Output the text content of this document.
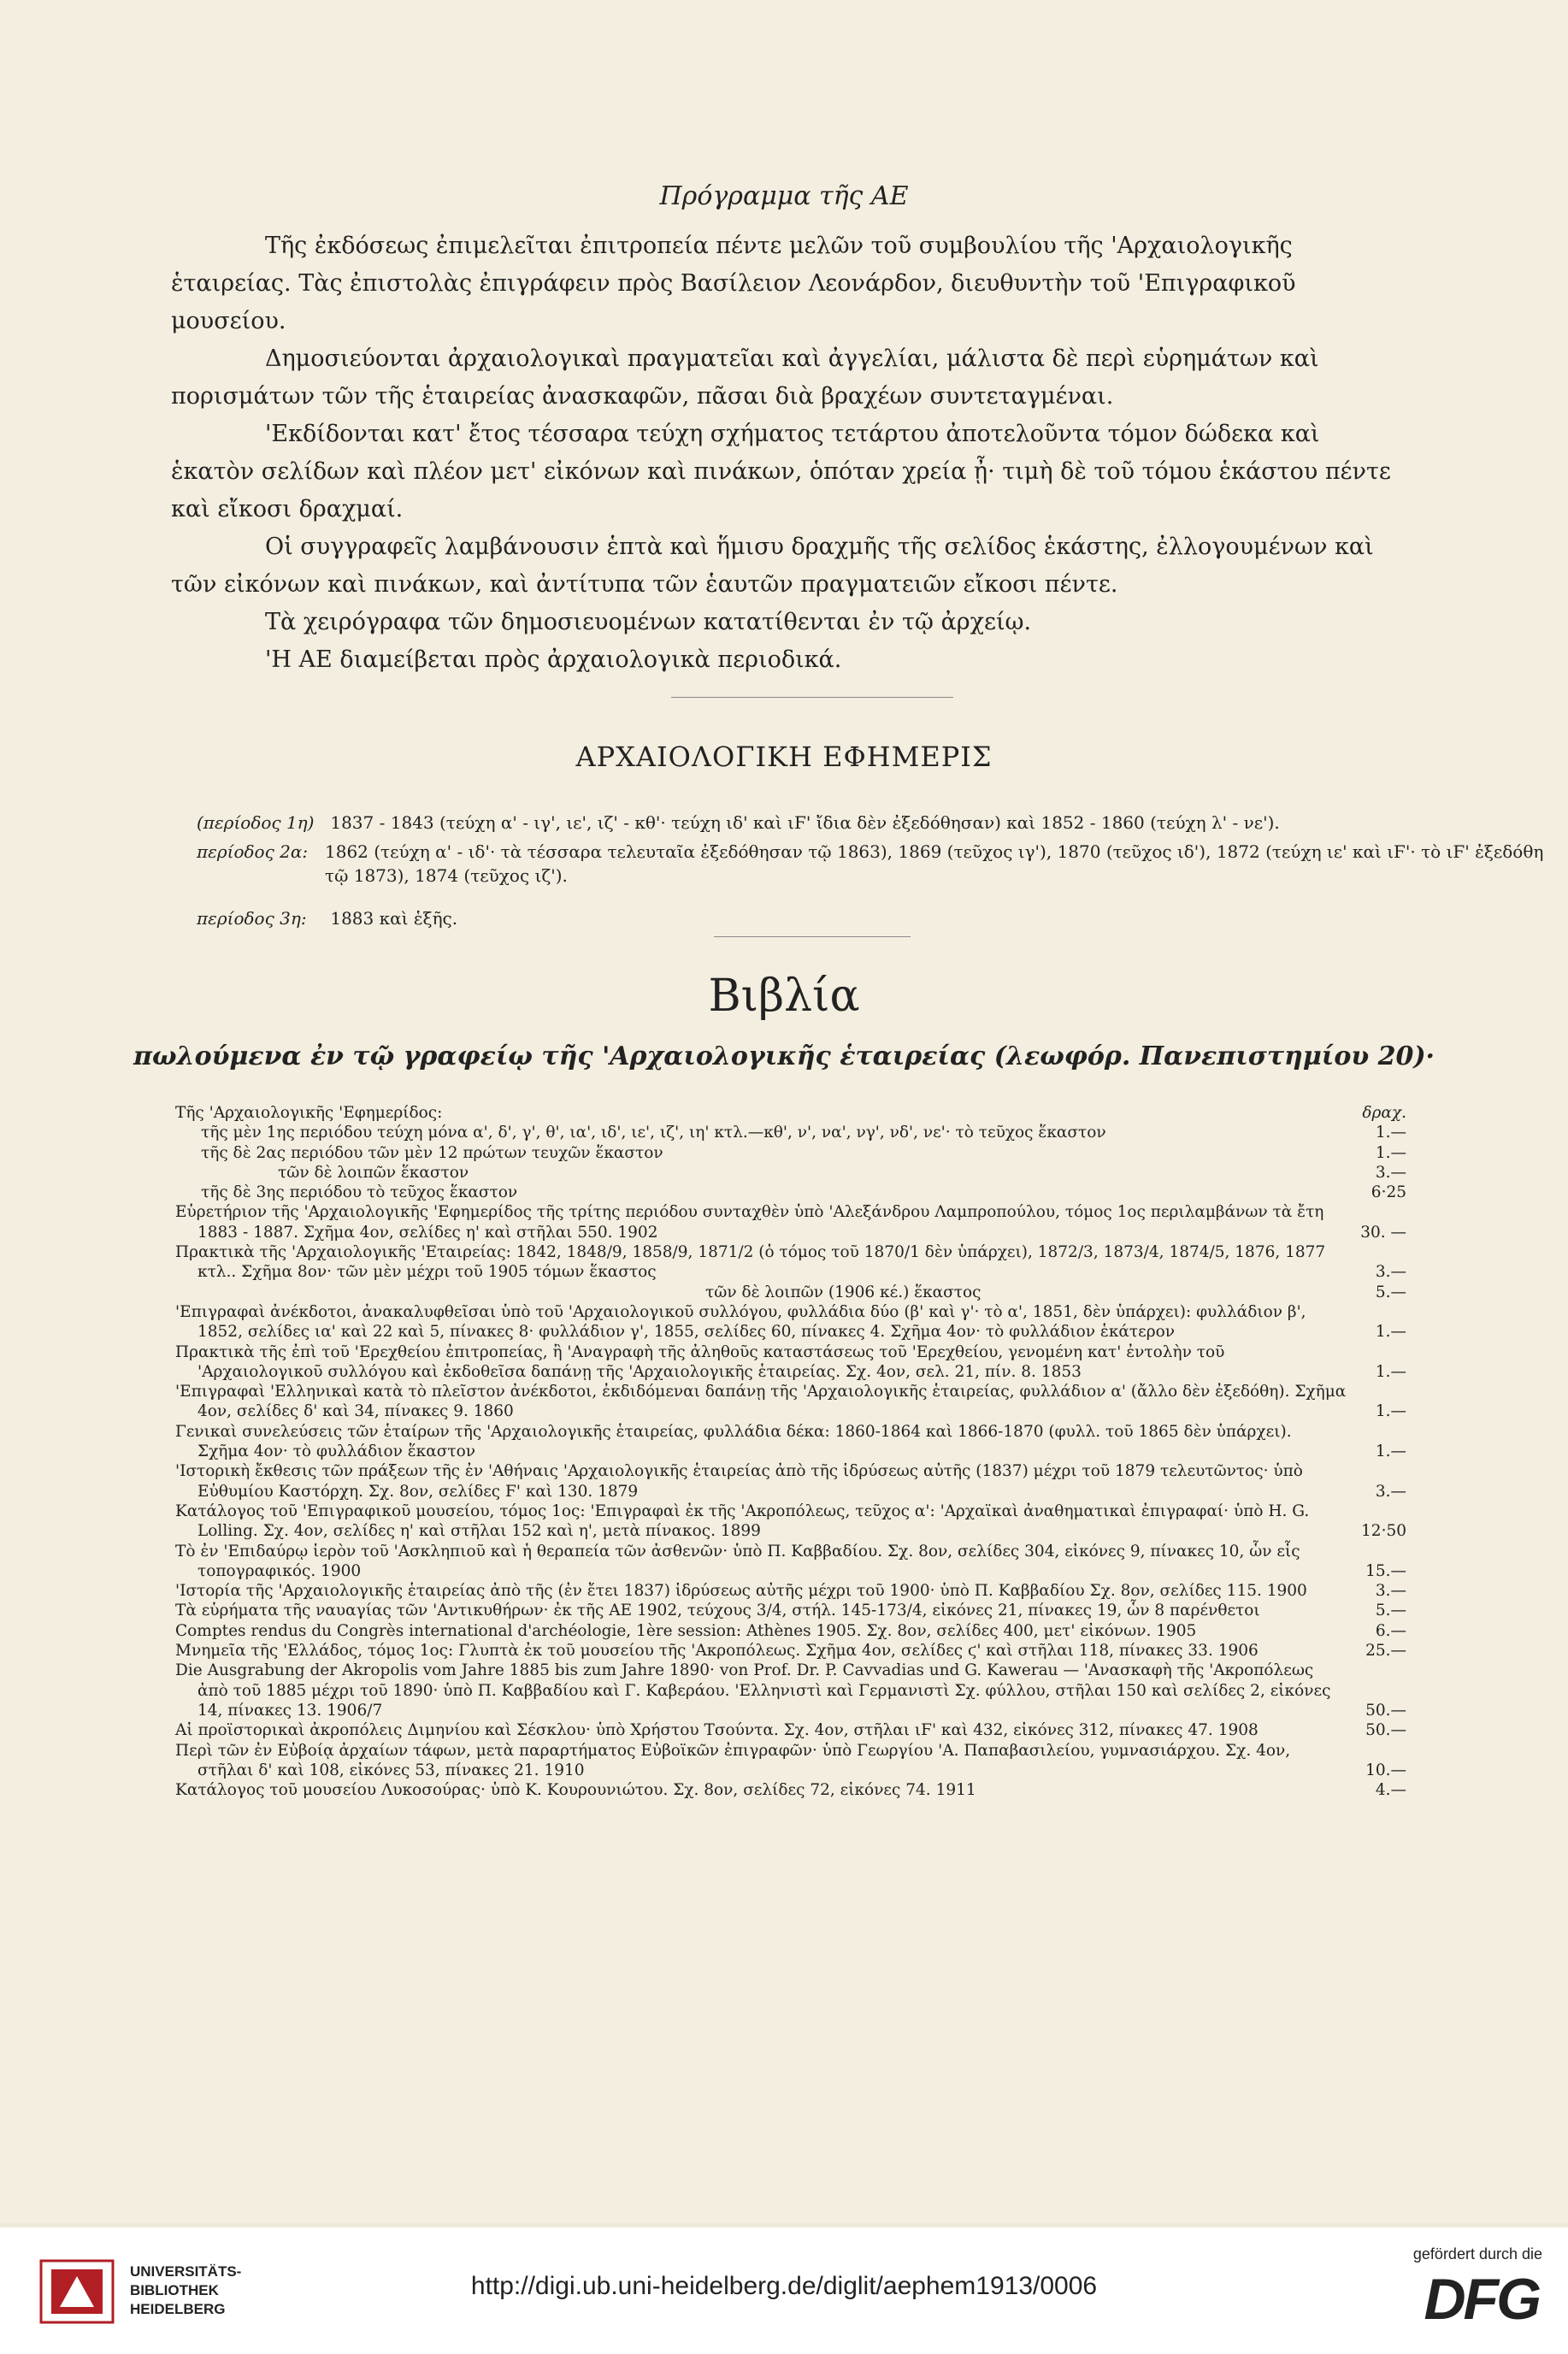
Πρόγραμμα τῆς ΑΕ

Τῆς ἐκδόσεως ἐπιμελεῖται ἐπιτροπεία πέντε μελῶν τοῦ συμβουλίου τῆς 'Αρχαιολογικῆς ἑταιρείας. Τὰς ἐπιστολὰς ἐπιγράφειν πρὸς Βασίλειον Λεονάρδον, διευθυντὴν τοῦ 'Επιγραφικοῦ μουσείου.

Δημοσιεύονται ἀρχαιολογικαὶ πραγματεῖαι καὶ ἀγγελίαι, μάλιστα δὲ περὶ εὑρημάτων καὶ πορισμάτων τῶν τῆς ἑταιρείας ἀνασκαφῶν, πᾶσαι διὰ βραχέων συντεταγμέναι.

'Εκδίδονται κατ' ἔτος τέσσαρα τεύχη σχήματος τετάρτου ἀποτελοῦντα τόμον δώδεκα καὶ ἑκατὸν σελίδων καὶ πλέον μετ' εἰκόνων καὶ πινάκων, ὁπόταν χρεία ᾖ· τιμὴ δὲ τοῦ τόμου ἑκάστου πέντε καὶ εἴκοσι δραχμαί.

Οἱ συγγραφεῖς λαμβάνουσιν ἑπτὰ καὶ ἥμισυ δραχμῆς τῆς σελίδος ἑκάστης, ἐλλογουμένων καὶ τῶν εἰκόνων καὶ πινάκων, καὶ ἀντίτυπα τῶν ἑαυτῶν πραγματειῶν εἴκοσι πέντε.

Τὰ χειρόγραφα τῶν δημοσιευομένων κατατίθενται ἐν τῷ ἀρχείῳ.

'Η ΑΕ διαμείβεται πρὸς ἀρχαιολογικὰ περιοδικά.

ΑΡΧΑΙΟΛΟΓΙΚΗ ΕΦΗΜΕΡΙΣ
(περίοδος 1η) 1837 - 1843 (τεύχη α' - ιγ', ιε', ιζ' - κθ'· τεύχη ιδ' καὶ ιϜ' ἴδια δὲν ἐξεδόθησαν) καὶ 1852 - 1860 (τεύχη λ' - νε').
περίοδος 2α: 1862 (τεύχη α' - ιδ'· τὰ τέσσαρα τελευταῖα ἐξεδόθησαν τῷ 1863), 1869 (τεῦχος ιγ'), 1870 (τεῦχος ιδ'), 1872 (τεύχη ιε' καὶ ιϜ'· τὸ ιϜ' ἐξεδόθη τῷ 1873), 1874 (τεῦχος ιζ').
περίοδος 3η: 1883 καὶ ἑξῆς.
Βιβλία
πωλούμενα ἐν τῷ γραφείῳ τῆς 'Αρχαιολογικῆς ἑταιρείας (λεωφόρ. Πανεπιστημίου 20)·
Τῆς 'Αρχαιολογικῆς 'Εφημερίδος:	δραχ.
τῆς μὲν 1ης περιόδου τεύχη μόνα α', δ', γ', θ', ια', ιδ', ιε', ιζ', ιη' κτλ.—κθ', ν', να', νγ', νδ', νε'· τὸ τεῦχος ἕκαστον	1.—
τῆς δὲ 2ας περιόδου τῶν μὲν 12 πρώτων τευχῶν ἕκαστον	1.—
τῶν δὲ λοιπῶν ἕκαστον	3.—
τῆς δὲ 3ης περιόδου τὸ τεῦχος ἕκαστον	6·25
Εὑρετήριον τῆς 'Αρχαιολογικῆς 'Εφημερίδος τῆς τρίτης περιόδου συνταχθὲν ὑπὸ 'Αλεξάνδρου Λαμπροπούλου, τόμος 1ος περιλαμβάνων τὰ ἔτη 1883 - 1887. Σχῆμα 4ον, σελίδες η' καὶ στῆλαι 550. 1902	30. —
Πρακτικὰ τῆς 'Αρχαιολογικῆς 'Εταιρείας: 1842, 1848/9, 1858/9, 1871/2 (ὁ τόμος τοῦ 1870/1 δὲν ὑπάρχει), 1872/3, 1873/4, 1874/5, 1876, 1877 κτλ.. Σχῆμα 8ον· τῶν μὲν μέχρι τοῦ 1905 τόμων ἕκαστος	3.—
τῶν δὲ λοιπῶν (1906 κέ.) ἕκαστος	5.—
'Επιγραφαὶ ἀνέκδοτοι, ἀνακαλυφθεῖσαι ὑπὸ τοῦ 'Αρχαιολογικοῦ συλλόγου, φυλλάδια δύο (β' καὶ γ'· τὸ α', 1851, δὲν ὑπάρχει): φυλλάδιον β', 1852, σελίδες ια' καὶ 22 καὶ 5, πίνακες 8· φυλλάδιον γ', 1855, σελίδες 60, πίνακες 4. Σχῆμα 4ον· τὸ φυλλάδιον ἑκάτερον	1.—
Πρακτικὰ τῆς ἐπὶ τοῦ 'Ερεχθείου ἐπιτροπείας, ἢ 'Αναγραφὴ τῆς ἀληθοῦς καταστάσεως τοῦ 'Ερεχθείου, γενομένη κατ' ἐντολὴν τοῦ 'Αρχαιολογικοῦ συλλόγου καὶ ἐκδοθεῖσα δαπάνῃ τῆς 'Αρχαιολογικῆς ἑταιρείας. Σχ. 4ον, σελ. 21, πίν. 8. 1853	1.—
'Επιγραφαὶ 'Ελληνικαὶ κατὰ τὸ πλεῖστον ἀνέκδοτοι, ἐκδιδόμεναι δαπάνῃ τῆς 'Αρχαιολογικῆς ἑταιρείας, φυλλάδιον α' (ἄλλο δὲν ἐξεδόθη). Σχῆμα 4ον, σελίδες δ' καὶ 34, πίνακες 9. 1860	1.—
Γενικαὶ συνελεύσεις τῶν ἑταίρων τῆς 'Αρχαιολογικῆς ἑταιρείας, φυλλάδια δέκα: 1860-1864 καὶ 1866-1870 (φυλλ. τοῦ 1865 δὲν ὑπάρχει). Σχῆμα 4ον· τὸ φυλλάδιον ἕκαστον	1.—
'Ιστορικὴ ἔκθεσις τῶν πράξεων τῆς ἐν 'Αθήναις 'Αρχαιολογικῆς ἑταιρείας ἀπὸ τῆς ἱδρύσεως αὐτῆς (1837) μέχρι τοῦ 1879 τελευτῶντος· ὑπὸ Εὐθυμίου Καστόρχη. Σχ. 8ον, σελίδες Ϝ' καὶ 130. 1879	3.—
Κατάλογος τοῦ 'Επιγραφικοῦ μουσείου, τόμος 1ος: 'Επιγραφαὶ ἐκ τῆς 'Ακροπόλεως, τεῦχος α': 'Αρχαϊκαὶ ἀναθηματικαὶ ἐπιγραφαί· ὑπὸ H. G. Lolling. Σχ. 4ον, σελίδες η' καὶ στῆλαι 152 καὶ η', μετὰ πίνακος. 1899	12·50
Τὸ ἐν 'Επιδαύρῳ ἱερὸν τοῦ 'Ασκληπιοῦ καὶ ἡ θεραπεία τῶν ἀσθενῶν· ὑπὸ Π. Καββαδίου. Σχ. 8ον, σελίδες 304, εἰκόνες 9, πίνακες 10, ὧν εἷς τοπογραφικός. 1900	15.—
'Ιστορία τῆς 'Αρχαιολογικῆς ἑταιρείας ἀπὸ τῆς (ἐν ἔτει 1837) ἱδρύσεως αὐτῆς μέχρι τοῦ 1900· ὑπὸ Π. Καββαδίου Σχ. 8ον, σελίδες 115. 1900	3.—
Τὰ εὑρήματα τῆς ναυαγίας τῶν 'Αντικυθήρων· ἐκ τῆς ΑΕ 1902, τεύχους 3/4, στήλ. 145-173/4, εἰκόνες 21, πίνακες 19, ὧν 8 παρένθετοι	5.—
Comptes rendus du Congrès international d'archéologie, 1ère session: Athènes 1905. Σχ. 8ον, σελίδες 400, μετ' εἰκόνων. 1905	6.—
Μνημεῖα τῆς 'Ελλάδος, τόμος 1ος: Γλυπτὰ ἐκ τοῦ μουσείου τῆς 'Ακροπόλεως. Σχῆμα 4ον, σελίδες ϛ' καὶ στῆλαι 118, πίνακες 33. 1906	25.—
Die Ausgrabung der Akropolis vom Jahre 1885 bis zum Jahre 1890· von Prof. Dr. P. Cavvadias und G. Kawerau — 'Ανασκαφὴ τῆς 'Ακροπόλεως ἀπὸ τοῦ 1885 μέχρι τοῦ 1890· ὑπὸ Π. Καββαδίου καὶ Γ. Καβεράου. 'Ελληνιστὶ καὶ Γερμανιστὶ Σχ. φύλλου, στῆλαι 150 καὶ σελίδες 2, εἰκόνες 14, πίνακες 13. 1906/7	50.—
Αἱ προϊστορικαὶ ἀκροπόλεις Διμηνίου καὶ Σέσκλου· ὑπὸ Χρήστου Τσούντα. Σχ. 4ον, στῆλαι ιϜ' καὶ 432, εἰκόνες 312, πίνακες 47. 1908	50.—
Περὶ τῶν ἐν Εὐβοίᾳ ἀρχαίων τάφων, μετὰ παραρτήματος Εὐβοϊκῶν ἐπιγραφῶν· ὑπὸ Γεωργίου 'Α. Παπαβασιλείου, γυμνασιάρχου. Σχ. 4ον, στῆλαι δ' καὶ 108, εἰκόνες 53, πίνακες 21. 1910	10.—
Κατάλογος τοῦ μουσείου Λυκοσούρας· ὑπὸ Κ. Κουρουνιώτου. Σχ. 8ον, σελίδες 72, εἰκόνες 74. 1911	4.—
UNIVERSITÄTS-
BIBLIOTHEK
HEIDELBERG
http://digi.ub.uni-heidelberg.de/diglit/aephem1913/0006
gefördert durch die
DFG
